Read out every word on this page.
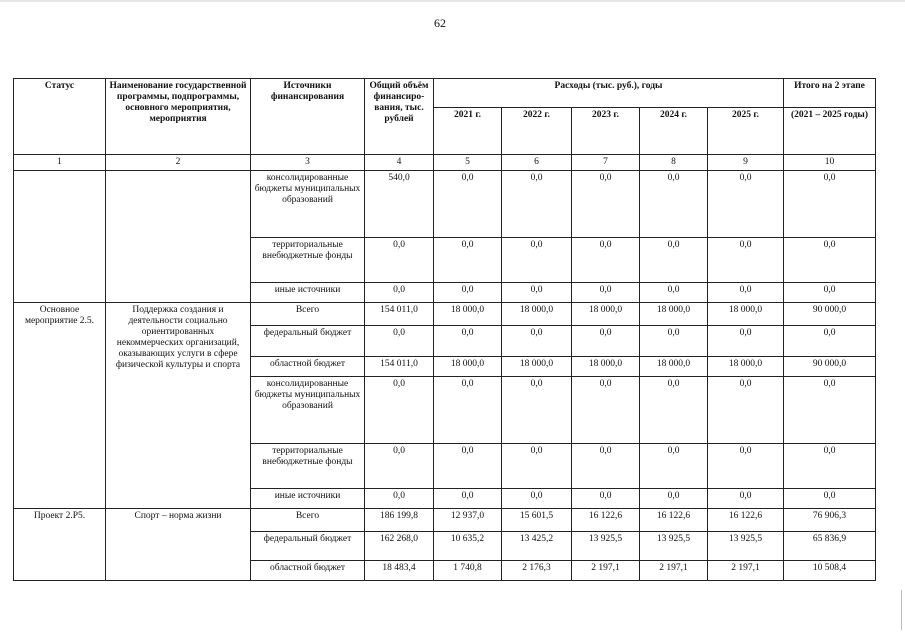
62
Статус	Наименование государственной программы, подпрограммы, основного мероприятия, мероприятия	Источники финансирования	Общий объём финансиро-вания, тыс. рублей	Расходы (тыс. руб.), годы					Итого на 2 этапе
				2021 г.	2022 г.	2023 г.	2024 г.	2025 г.	(2021 – 2025 годы)
1	2	3	4	5	6	7	8	9	10
		консолидированные бюджеты муниципальных образований	540,0	0,0	0,0	0,0	0,0	0,0	0,0
		территориальные внебюджетные фонды	0,0	0,0	0,0	0,0	0,0	0,0	0,0
		иные источники	0,0	0,0	0,0	0,0	0,0	0,0	0,0
Основное мероприятие 2.5.	Поддержка создания и деятельности социально ориентированных некоммерческих организаций, оказывающих услуги в сфере физической культуры и спорта	Всего	154 011,0	18 000,0	18 000,0	18 000,0	18 000,0	18 000,0	90 000,0
		федеральный бюджет	0,0	0,0	0,0	0,0	0,0	0,0	0,0
		областной бюджет	154 011,0	18 000,0	18 000,0	18 000,0	18 000,0	18 000,0	90 000,0
		консолидированные бюджеты муниципальных образований	0,0	0,0	0,0	0,0	0,0	0,0	0,0
		территориальные внебюджетные фонды	0,0	0,0	0,0	0,0	0,0	0,0	0,0
		иные источники	0,0	0,0	0,0	0,0	0,0	0,0	0,0
Проект 2.P5.	Спорт – норма жизни	Всего	186 199,8	12 937,0	15 601,5	16 122,6	16 122,6	16 122,6	76 906,3
		федеральный бюджет	162 268,0	10 635,2	13 425,2	13 925,5	13 925,5	13 925,5	65 836,9
		областной бюджет	18 483,4	1 740,8	2 176,3	2 197,1	2 197,1	2 197,1	10 508,4
